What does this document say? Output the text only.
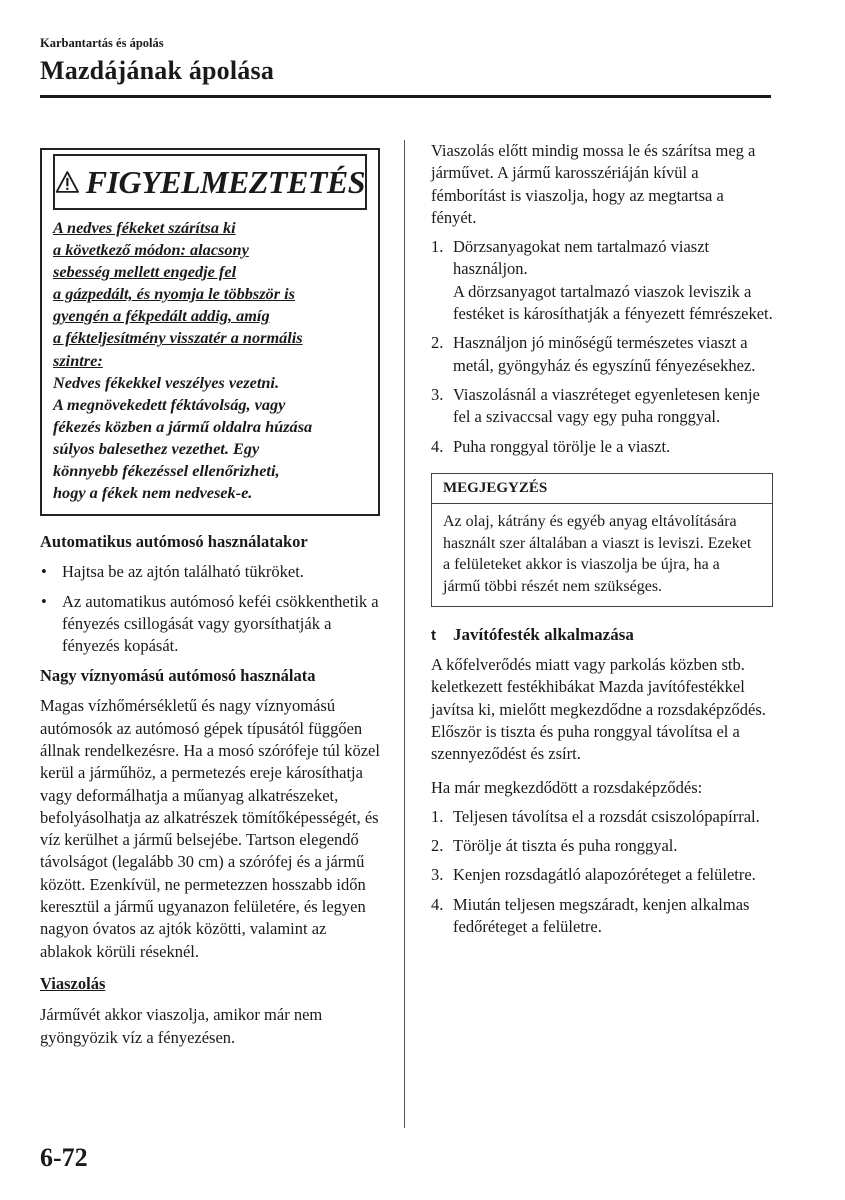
Karbantartás és ápolás
Mazdájának ápolása
FIGYELMEZTETÉS
A nedves fékeket szárítsa ki
a következő módon: alacsony
sebesség mellett engedje fel
a gázpedált, és nyomja le többször is
gyengén a fékpedált addig, amíg
a fékteljesítmény visszatér a normális
szintre:
Nedves fékekkel veszélyes vezetni.
A megnövekedett féktávolság, vagy
fékezés közben a jármű oldalra húzása
súlyos balesethez vezethet. Egy
könnyebb fékezéssel ellenőrizheti,
hogy a fékek nem nedvesek-e.
Automatikus autómosó használatakor
• Hajtsa be az ajtón található tükröket.
• Az automatikus autómosó keféi csökkenthetik a fényezés csillogását vagy gyorsíthatják a fényezés kopását.
Nagy víznyomású autómosó használata

Magas vízhőmérsékletű és nagy víznyomású autómosók az autómosó gépek típusától függően állnak rendelkezésre. Ha a mosó szórófeje túl közel kerül a járműhöz, a permetezés ereje károsíthatja vagy deformálhatja a műanyag alkatrészeket, befolyásolhatja az alkatrészek tömítőképességét, és víz kerülhet a jármű belsejébe. Tartson elegendő távolságot (legalább 30 cm) a szórófej és a jármű között. Ezenkívül, ne permetezzen hosszabb időn keresztül a jármű ugyanazon felületére, és legyen nagyon óvatos az ajtók közötti, valamint az ablakok körüli réseknél.

Viaszolás

Járművét akkor viaszolja, amikor már nem gyöngyözik víz a fényezésen.

Viaszolás előtt mindig mossa le és szárítsa meg a járművet. A jármű karosszériáján kívül a fémborítást is viaszolja, hogy az megtartsa a fényét.

1. Dörzsanyagokat nem tartalmazó viaszt használjon.
A dörzsanyagot tartalmazó viaszok leviszik a festéket is károsíthatják a fényezett fémrészeket.
2. Használjon jó minőségű természetes viaszt a metál, gyöngyház és egyszínű fényezésekhez.
3. Viaszolásnál a viaszréteget egyenletesen kenje fel a szivaccsal vagy egy puha ronggyal.
4. Puha ronggyal törölje le a viaszt.
MEGJEGYZÉS
Az olaj, kátrány és egyéb anyag eltávolítására használt szer általában a viaszt is leviszi. Ezeket a felületeket akkor is viaszolja be újra, ha a jármű többi részét nem szükséges.
t	Javítófesték alkalmazása

A kőfelverődés miatt vagy parkolás közben stb. keletkezett festékhibákat Mazda javítófestékkel javítsa ki, mielőtt megkezdődne a rozsdaképződés. Először is tiszta és puha ronggyal távolítsa el a szennyeződést és zsírt.

Ha már megkezdődött a rozsdaképződés:

1. Teljesen távolítsa el a rozsdát csiszolópapírral.
2. Törölje át tiszta és puha ronggyal.
3. Kenjen rozsdagátló alapozóréteget a felületre.
4. Miután teljesen megszáradt, kenjen alkalmas fedőréteget a felületre.
6-72
